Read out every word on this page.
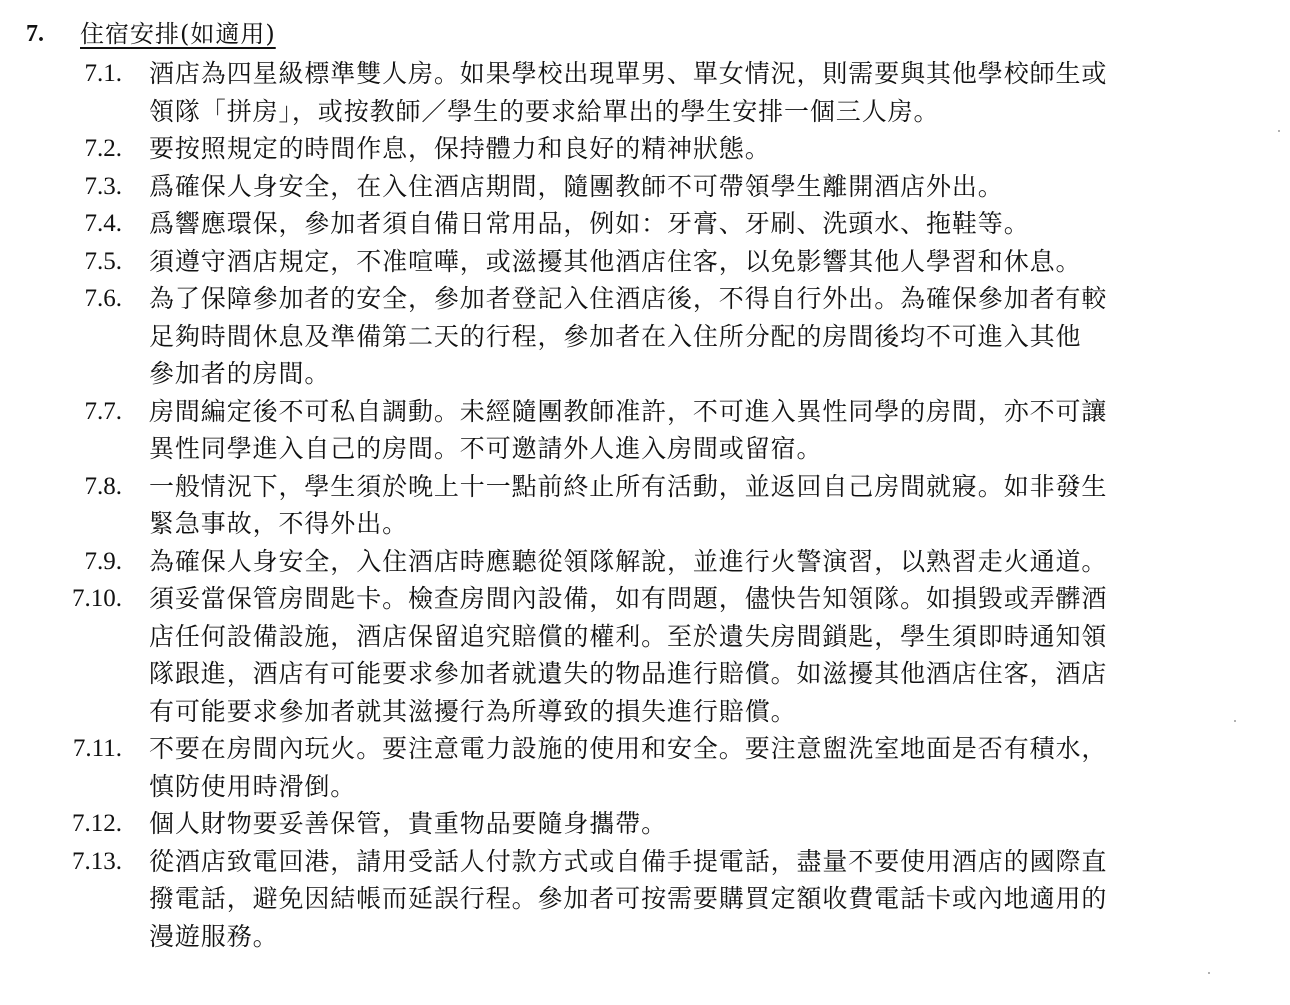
7.	住宿安排(如適用)
7.1. 酒店為四星級標準雙人房。如果學校出現單男、單女情況，則需要與其他學校師生或
領隊「拼房」，或按教師／學生的要求給單出的學生安排一個三人房。
7.2. 要按照規定的時間作息，保持體力和良好的精神狀態。
7.3. 爲確保人身安全，在入住酒店期間，隨團教師不可帶領學生離開酒店外出。
7.4. 爲響應環保，參加者須自備日常用品，例如：牙膏、牙刷、洗頭水、拖鞋等。
7.5. 須遵守酒店規定，不准喧嘩，或滋擾其他酒店住客，以免影響其他人學習和休息。
7.6. 為了保障參加者的安全，參加者登記入住酒店後，不得自行外出。為確保參加者有較
足夠時間休息及準備第二天的行程，參加者在入住所分配的房間後均不可進入其他
參加者的房間。
7.7. 房間編定後不可私自調動。未經隨團教師准許，不可進入異性同學的房間，亦不可讓
異性同學進入自己的房間。不可邀請外人進入房間或留宿。
7.8. 一般情況下，學生須於晚上十一點前終止所有活動，並返回自己房間就寢。如非發生
緊急事故，不得外出。
7.9. 為確保人身安全，入住酒店時應聽從領隊解說，並進行火警演習，以熟習走火通道。
7.10. 須妥當保管房間匙卡。檢查房間內設備，如有問題，儘快告知領隊。如損毀或弄髒酒
店任何設備設施，酒店保留追究賠償的權利。至於遺失房間鎖匙，學生須即時通知領
隊跟進，酒店有可能要求參加者就遺失的物品進行賠償。如滋擾其他酒店住客，酒店
有可能要求參加者就其滋擾行為所導致的損失進行賠償。
7.11. 不要在房間內玩火。要注意電力設施的使用和安全。要注意盥洗室地面是否有積水，
慎防使用時滑倒。
7.12. 個人財物要妥善保管，貴重物品要隨身攜帶。
7.13. 從酒店致電回港，請用受話人付款方式或自備手提電話，盡量不要使用酒店的國際直
撥電話，避免因結帳而延誤行程。參加者可按需要購買定額收費電話卡或內地適用的
漫遊服務。
